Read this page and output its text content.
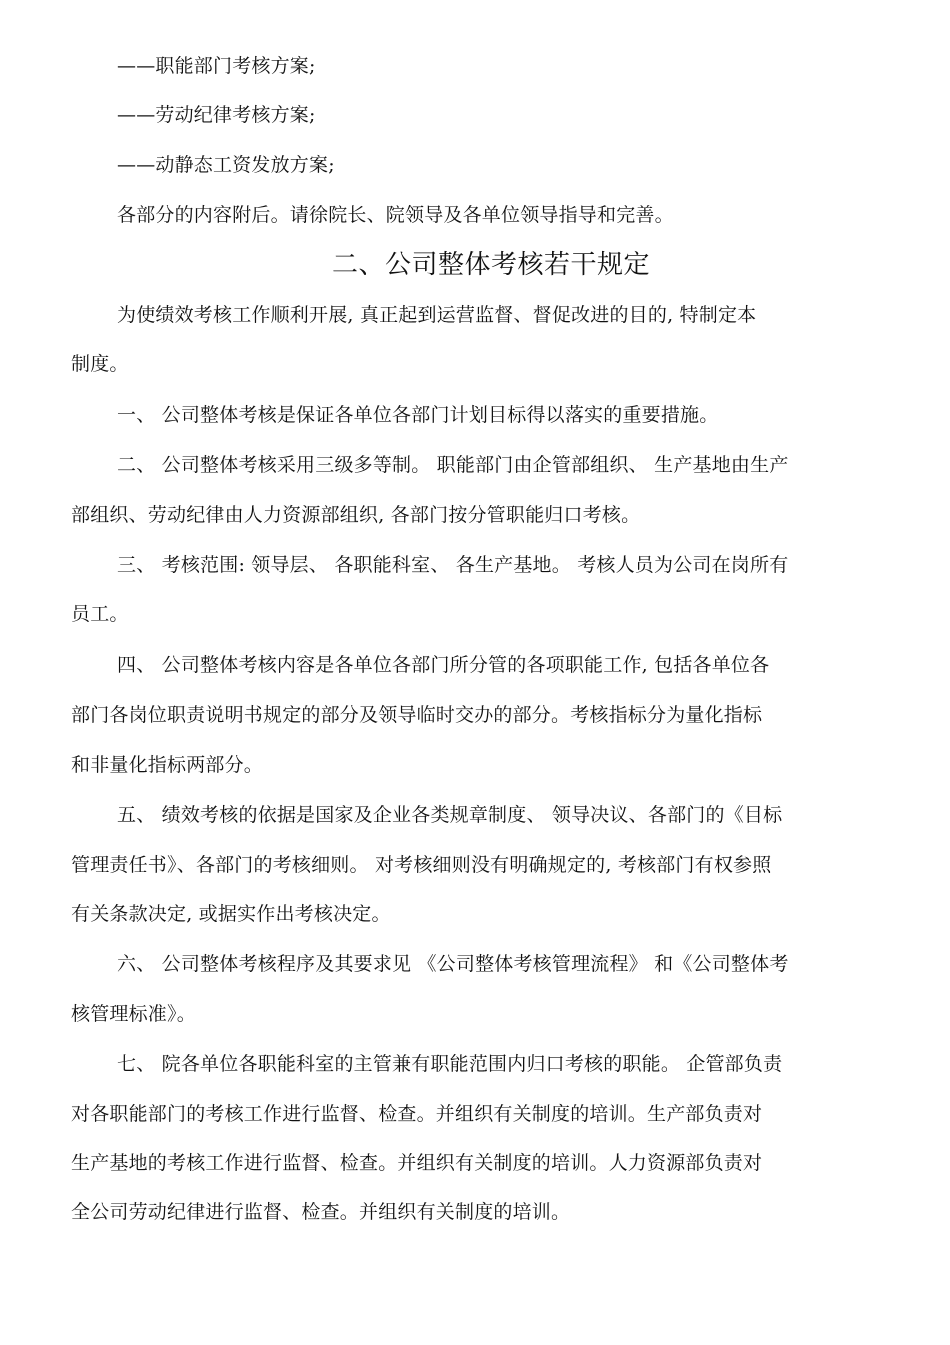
——职能部门考核方案;
——劳动纪律考核方案;
——动静态工资发放方案;
各部分的内容附后。请徐院长、院领导及各单位领导指导和完善。
二、公司整体考核若干规定
为使绩效考核工作顺利开展, 真正起到运营监督、督促改进的目的, 特制定本
制度。
一、 公司整体考核是保证各单位各部门计划目标得以落实的重要措施。
二、 公司整体考核采用三级多等制。 职能部门由企管部组织、 生产基地由生产
部组织、劳动纪律由人力资源部组织, 各部门按分管职能归口考核。
三、 考核范围: 领导层、 各职能科室、 各生产基地。 考核人员为公司在岗所有
员工。
四、 公司整体考核内容是各单位各部门所分管的各项职能工作, 包括各单位各
部门各岗位职责说明书规定的部分及领导临时交办的部分。考核指标分为量化指标
和非量化指标两部分。
五、 绩效考核的依据是国家及企业各类规章制度、 领导决议、各部门的《目标
管理责任书》、各部门的考核细则。 对考核细则没有明确规定的, 考核部门有权参照
有关条款决定, 或据实作出考核决定。
六、 公司整体考核程序及其要求见 《公司整体考核管理流程》 和《公司整体考
核管理标准》。
七、 院各单位各职能科室的主管兼有职能范围内归口考核的职能。 企管部负责
对各职能部门的考核工作进行监督、检查。并组织有关制度的培训。生产部负责对
生产基地的考核工作进行监督、检查。并组织有关制度的培训。人力资源部负责对
全公司劳动纪律进行监督、检查。并组织有关制度的培训。
